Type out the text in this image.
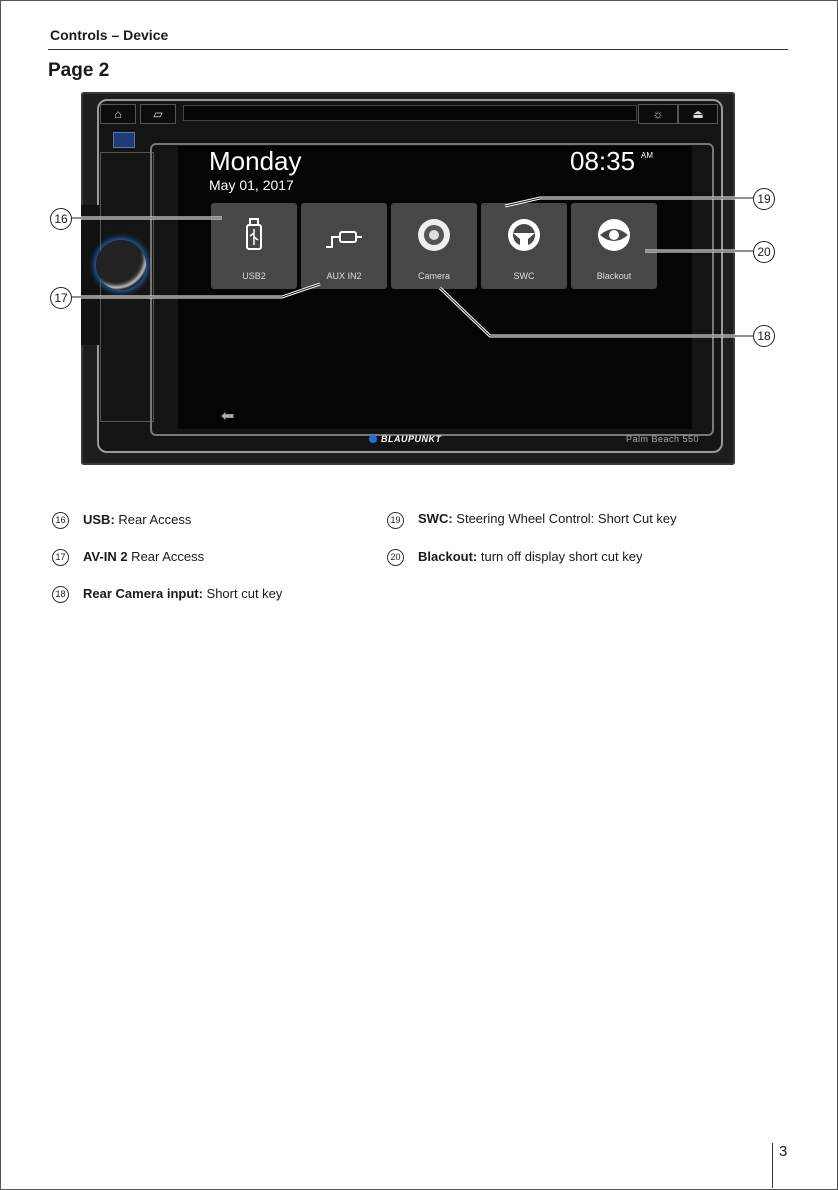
Controls – Device
Page 2
⌂	▱	☼	⏏
Monday
May 01, 2017
08:35 AM
USB2	AUX IN2	Camera	SWC	Blackout
⬅
BLAUPUNKT	Palm Beach 550
16
17
18
19
20
16 USB: Rear Access
17 AV-IN 2 Rear Access
18 Rear Camera input: Short cut key
19 SWC: Steering Wheel Control: Short Cut key
20 Blackout: turn off display short cut key
3
